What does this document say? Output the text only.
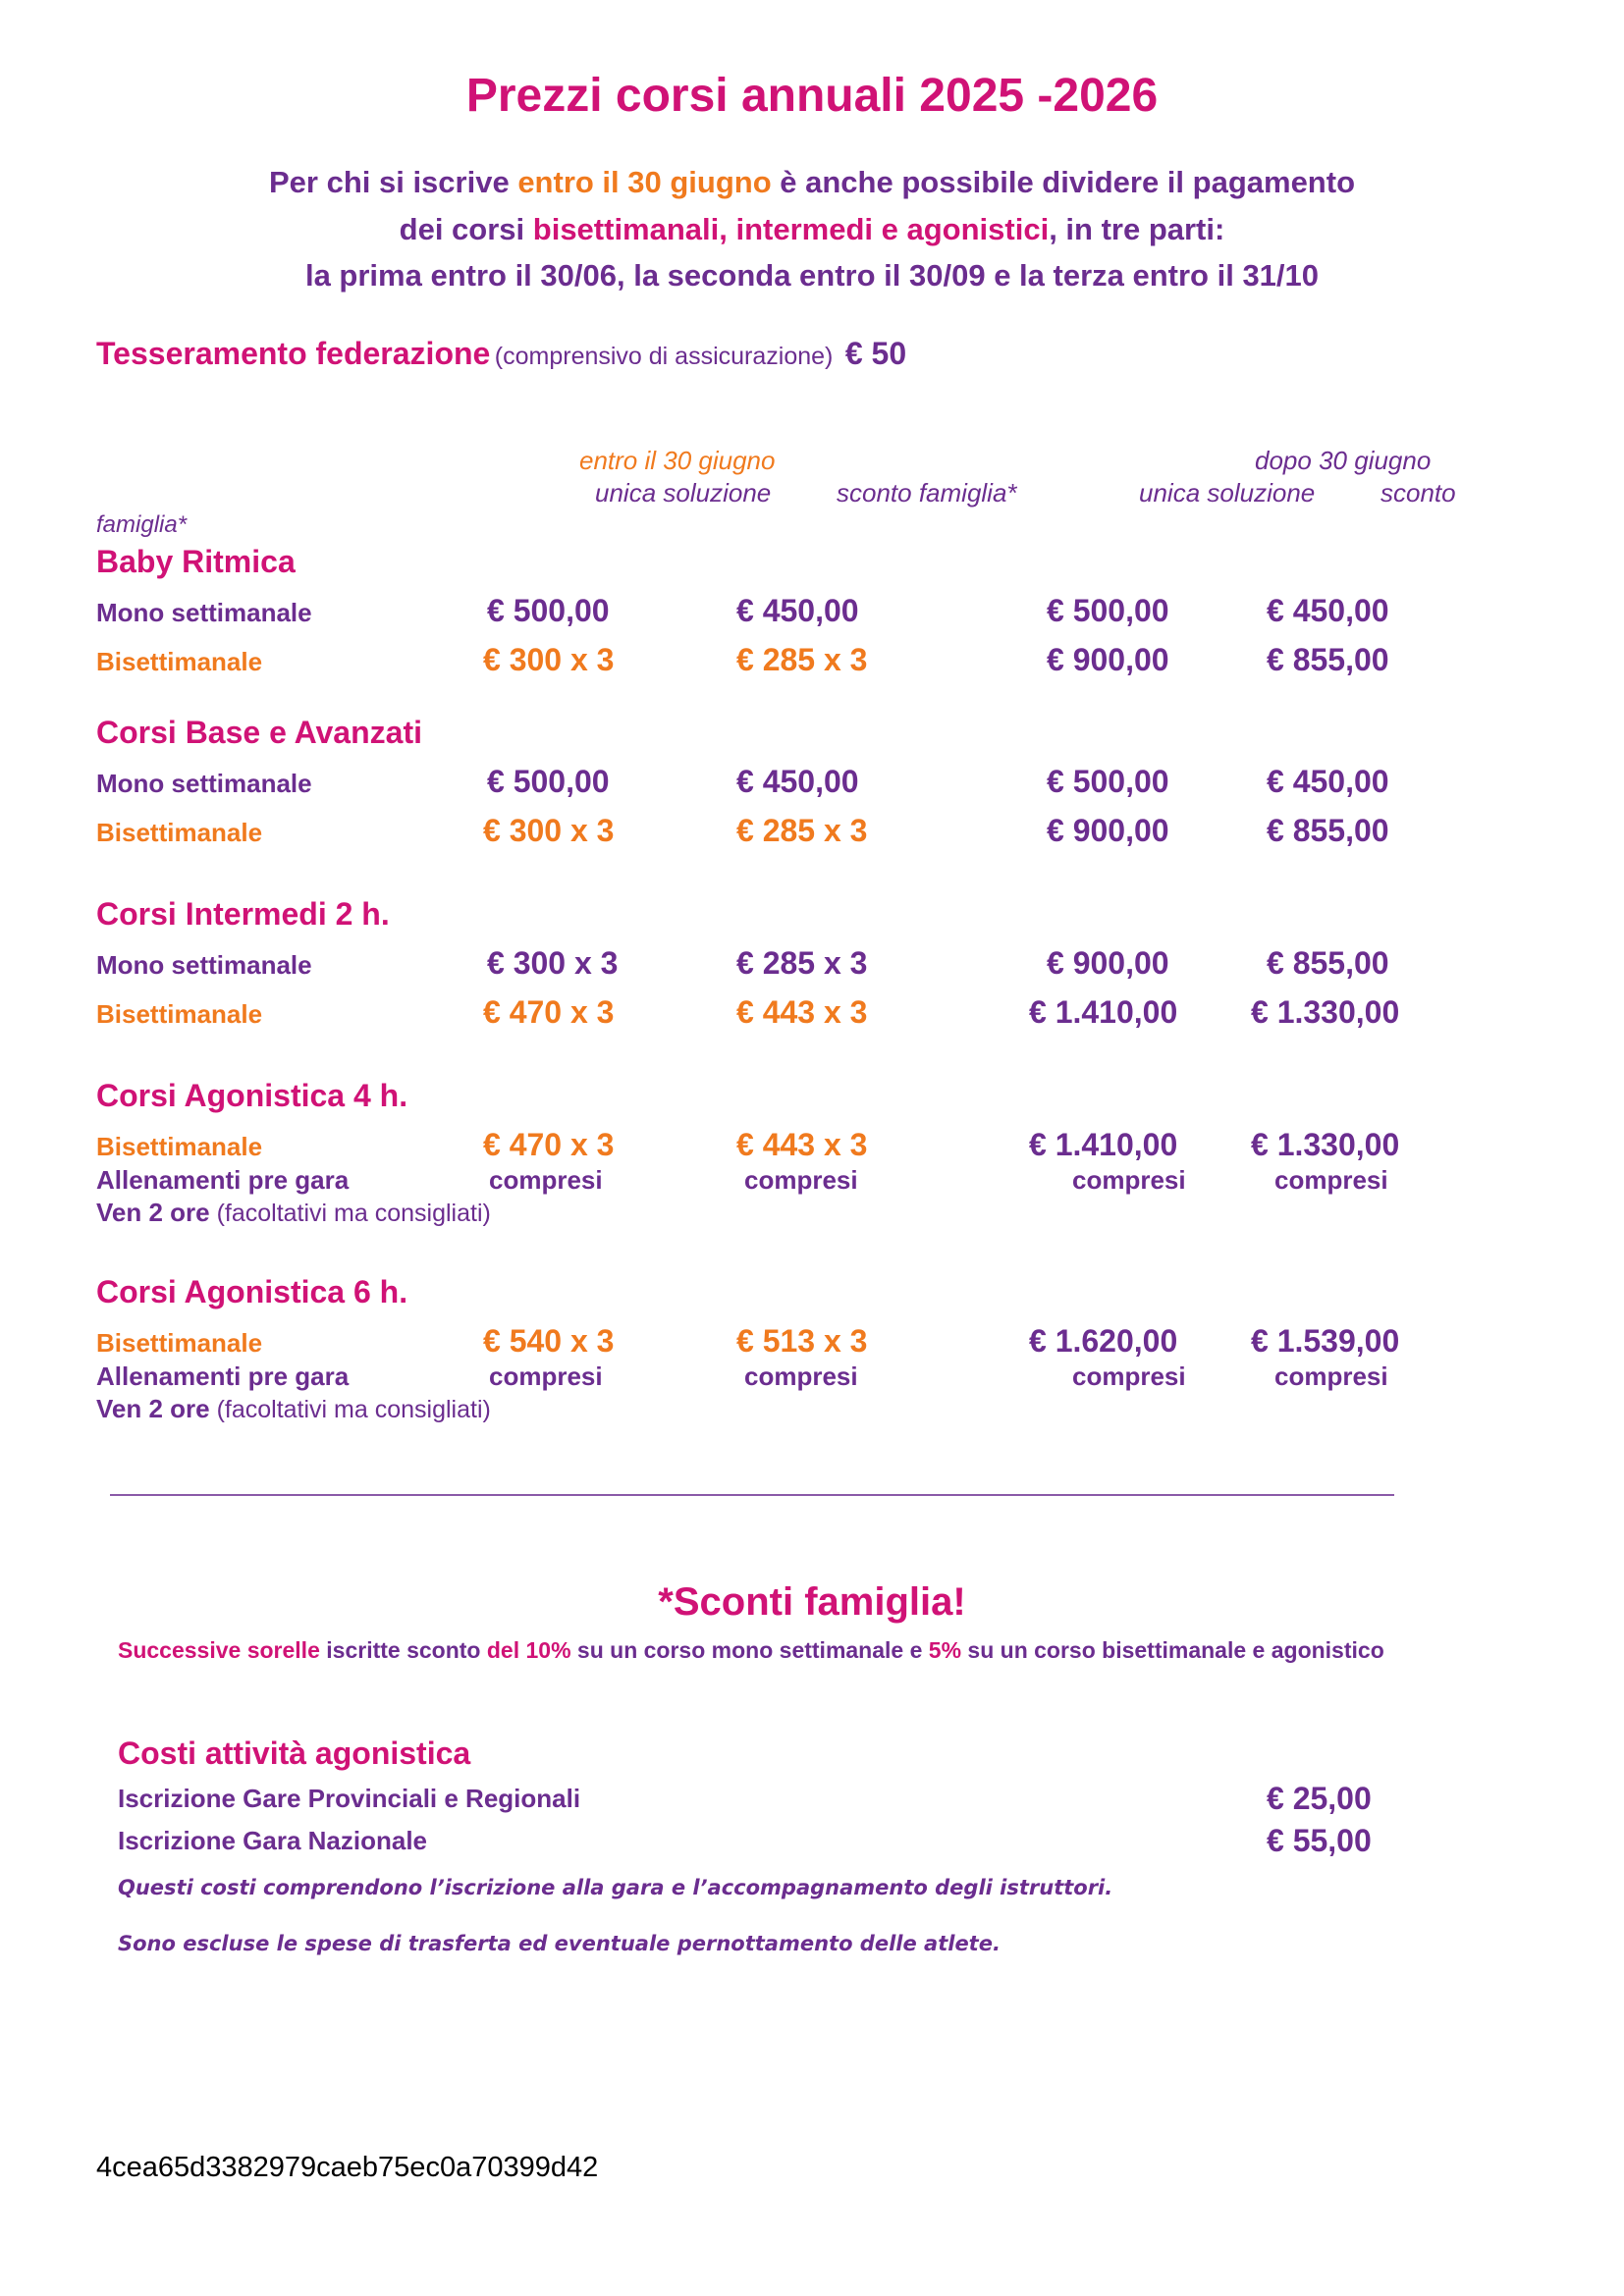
Prezzi corsi annuali 2025 -2026
Per chi si iscrive entro il 30 giugno è anche possibile dividere il pagamento
dei corsi bisettimanali, intermedi e agonistici, in tre parti:
la prima entro il 30/06, la seconda entro il 30/09 e la terza entro il 31/10
Tesseramento federazione (comprensivo di assicurazione) € 50
entro il 30 giugno	dopo 30 giugno
unica soluzione	sconto famiglia*	unica soluzione	sconto
famiglia*
Baby Ritmica
Mono settimanale	€ 500,00	€ 450,00	€ 500,00	€ 450,00
Bisettimanale	€ 300 x 3	€ 285 x 3	€ 900,00	€ 855,00
Corsi Base e Avanzati
Mono settimanale	€ 500,00	€ 450,00	€ 500,00	€ 450,00
Bisettimanale	€ 300 x 3	€ 285 x 3	€ 900,00	€ 855,00
Corsi Intermedi 2 h.
Mono settimanale	€ 300 x 3	€ 285 x 3	€ 900,00	€ 855,00
Bisettimanale	€ 470 x 3	€ 443 x 3	€ 1.410,00 € 1.330,00
Corsi Agonistica 4 h.
Bisettimanale	€ 470 x 3	€ 443 x 3	€ 1.410,00 € 1.330,00
Allenamenti pre gara	compresi	compresi	compresi	compresi
Ven 2 ore (facoltativi ma consigliati)
Corsi Agonistica 6 h.
Bisettimanale	€ 540 x 3	€ 513 x 3	€ 1.620,00 € 1.539,00
Allenamenti pre gara	compresi	compresi	compresi	compresi
Ven 2 ore (facoltativi ma consigliati)
*Sconti famiglia!
Successive sorelle iscritte sconto del 10% su un corso mono settimanale e 5% su un corso bisettimanale e agonistico
Costi attività agonistica
Iscrizione Gare Provinciali e Regionali	€ 25,00
Iscrizione Gara Nazionale	€ 55,00
Questi costi comprendono l’iscrizione alla gara e l’accompagnamento degli istruttori.
Sono escluse le spese di trasferta ed eventuale pernottamento delle atlete.
4cea65d3382979caeb75ec0a70399d42
